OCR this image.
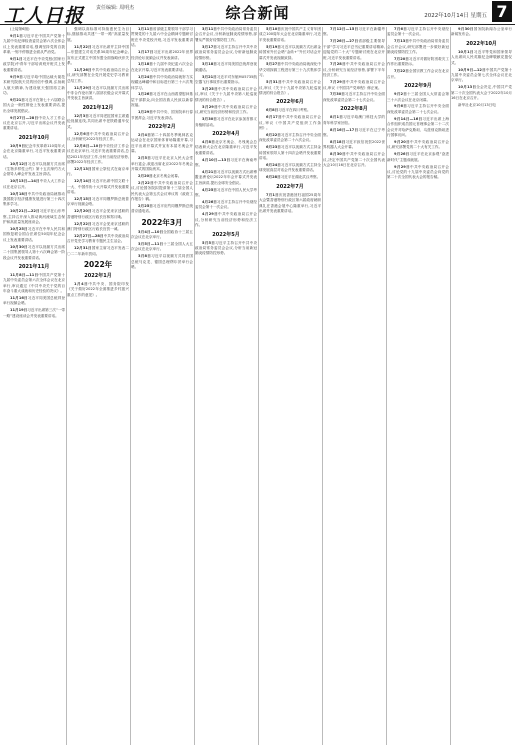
工人日报 责任编辑: 周明杰	综合新闻	2022年10月14日 星期五 7

(上接第6版)

9月1日习近平在中国共产党第十九届中央纪律检查委员会第六次全体会议上发表重要讲话,强调坚持党的自我革命,一刻不停推进全面从严治党。

9月1日习近平在中央党校(国家行政学院)中青年干部培训班开班式上发表重要讲话。

9月9日习近平给中国运载火箭技术研究院航天员的回信中强调,弘扬载人航天精神,为建设航天强国再立新功。

9月21日习近平在第七十六届联合国大会一般性辩论上发表重要讲话,提出全球发展倡议。

9月27日—28日中央人才工作会议在北京召开,习近平出席会议并发表重要讲话。

2021年10月

10月9日纪念辛亥革命110周年大会在北京隆重举行,习近平发表重要讲话。

10月12日习近平以视频方式出席《生物多样性公约》第十五次缔约方大会领导人峰会并发表主旨讲话。

10月13日—14日中央人大工作会议在北京召开。

10月18日中共中央政治局就推动我国数字经济健康发展进行第三十四次集体学习。

10月21日—22日习近平在山东考察,主持召开深入推动黄河流域生态保护和高质量发展座谈会。

10月25日习近平在中华人民共和国恢复联合国合法席位50周年纪念会议上发表重要讲话。

10月30日习近平以视频方式出席二十国集团领导人第十六次峰会第一阶段会议并发表重要讲话。

2021年11月

11月8日—11日中国共产党第十九届中央委员会第六次全体会议在北京举行,审议通过《中共中央关于党的百年奋斗重大成就和历史经验的决议》。

11月16日习近平同美国总统拜登举行视频会晤。

11月19日习近平出席第三次“一带一路”建设座谈会并发表重要讲话。

强调以高标准可持续惠民生为目标,继续推动共建“一带一路”高质量发展。

11月22日习近平出席并主持中国—东盟建立对话关系30周年纪念峰会,宣布正式建立中国东盟全面战略伙伴关系。

11月26日中共中央政治局召开会议,研究部署在全党开展党史学习教育总结工作。

11月29日习近平以视频方式出席中非合作论坛第八届部长级会议开幕式并发表主旨演讲。

2021年12月

12月3日习近平同老挝国家主席通伦视频连线,共同出席中老铁路通车仪式。

12月6日中共中央政治局召开会议,分析研究2022年经济工作。

12月8日—10日中央经济工作会议在北京举行,习近平发表重要讲话,总结2021年经济工作,分析当前经济形势,部署2022年经济工作。

12月13日国家公祭仪式在南京举行。

12月14日习近平出席中国文联十一大、中国作协十大开幕式并发表重要讲话。

12月15日习近平同俄罗斯总统普京举行视频会晤。

12月20日习近平会见来京述职的香港特别行政区行政长官林郑月娥。

12月22日习近平会见来京述职的澳门特别行政区行政长官贺一诚。

12月27日—28日中共中央政治局召开党史学习教育专题民主生活会。

12月31日国家主席习近平发表二〇二二年新年贺词。

2022年
2022年1月

1月4日中共中央、国务院印发《关于做好2022年全面推进乡村振兴重点工作的意见》。

1月11日省部级主要领导干部学习贯彻党的十九届六中全会精神专题研讨班在中央党校开班,习近平发表重要讲话。

1月17日习近平出席2022年世界经济论坛视频会议并发表演讲。

1月18日十九届中央纪委六次全会在北京开幕,习近平发表重要讲话。

1月24日中共中央政治局就努力实现碳达峰碳中和目标进行第三十六次集体学习。

1月26日习近平在山西看望慰问基层干部群众,向全国各族人民致以新春祝福。

1月29日中共中央、国务院举行春节团拜会,习近平发表讲话。

2022年2月

2月4日第二十四届冬季奥林匹克运动会在北京国家体育场隆重开幕,习近平出席开幕式并宣布本届冬奥会开幕。

2月5日习近平在北京人民大会堂举行宴会,欢迎出席北京2022年冬奥会开幕式的国际贵宾。

2月20日北京冬奥会闭幕。

2月22日中共中央政治局召开会议,讨论国务院拟提请第十三届全国人民代表大会第五次会议审议的《政府工作报告》稿。

2月25日习近平应约同俄罗斯总统普京通电话。

2022年3月

3月4日—10日全国政协十三届五次会议在北京举行。

3月5日—11日十三届全国人大五次会议在北京举行。

3月8日习近平以视频方式同法国总统马克龙、德国总理朔尔茨举行会晤。

3月11日中共中央政治局常务委员会召开会议,分析新冠肺炎疫情形势,部署从严抓好疫情防控工作。

3月17日习近平主持召开中共中央政治局常务委员会会议,分析新冠肺炎疫情形势。

3月18日习近平同美国总统拜登视频通话。

3月21日习近平对东航MU5735航空器飞行事故作出重要指示。

3月25日中共中央政治局召开会议,审议《关于十九届中央第八轮巡视情况的综合报告》。

3月29日中共中央政治局召开会议,研究当前经济形势和经济工作。

3月30日习近平在北京参加首都义务植树活动。

2022年4月

4月8日北京冬奥会、冬残奥会总结表彰大会在北京隆重举行,习近平发表重要讲话。

4月10日—13日习近平在海南考察。

4月21日习近平以视频方式出席博鳌亚洲论坛2022年年会开幕式并发表主旨演讲,提出全球安全倡议。

4月25日习近平在中国人民大学考察。

4月26日习近平主持召开中央财经委员会第十一次会议。

4月29日中共中央政治局召开会议,分析研究当前经济形势和经济工作。

2022年5月

5月5日习近平主持召开中共中央政治局常务委员会会议,分析当前新冠肺炎疫情防控形势。

5月10日庆祝中国共产主义青年团成立100周年大会在北京隆重举行,习近平发表重要讲话。

5月19日习近平以视频方式出席金砖国家外长会晤“金砖+”外长对话会开幕式并发表视频致辞。

5月27日中共中央政治局就深化中华文明探源工程进行第三十九次集体学习。

5月31日中共中央政治局召开会议,审议《关于十九届中央第九轮巡视情况的综合报告》。

2022年6月

6月8日习近平在四川考察。

6月17日中共中央政治局召开会议,审议《中国共产党组织工作条例》。

6月22日习近平主持召开中央全面深化改革委员会第二十六次会议。

6月23日习近平以视频方式主持金砖国家领导人第十四次会晤并发表重要讲话。

6月24日习近平以视频方式主持全球发展高层对话会并发表重要讲话。

6月28日习近平在湖北武汉考察。

2022年7月

7月1日庆祝香港回归祖国25周年大会暨香港特别行政区第六届政府就职典礼在香港会展中心隆重举行,习近平出席并发表重要讲话。

7月12日—15日习近平在新疆考察。

7月26日—27日省部级主要领导干部“学习习近平总书记重要讲话精神,迎接党的二十大”专题研讨班在北京开班,习近平发表重要讲话。

7月28日中共中央政治局召开会议,分析研究当前经济形势,部署下半年经济工作。

7月29日中共中央政治局召开会议,审议《中国共产党章程》修正案。

7月30日习近平主持召开中央全面深化改革委员会第二十七次会议。

2022年8月

8月1日习近平给澳门科技大学的青年科学家回信。

8月16日—17日习近平在辽宁考察。

8月18日习近平致信祝贺2022世界机器人大会开幕。

8月30日中共中央政治局召开会议,决定中国共产党第二十次全国代表大会10月16日在北京召开。

7月6日习近平主持召开中央财经委员会第十一次会议。

7月13日中共中央政治局常务委员会召开会议,研究部署进一步做好新冠肺炎疫情防控工作。

7月20日习近平对做好防汛救灾工作作出重要指示。

7月22日全国宗教工作会议在北京召开。

2022年9月

9月2日十三届全国人大常委会第三十六次会议在北京闭幕。

9月6日习近平主持召开中央全面深化改革委员会第二十七次会议。

9月14日—16日习近平出席上海合作组织成员国元首理事会第二十二次会议并对哈萨克斯坦、乌兹别克斯坦进行国事访问。

9月20日中共中央政治局召开会议,研究部署党的二十大有关工作。

9月26日习近平在北京参观“奋进新时代”主题成就展。

9月29日中共中央政治局召开会议,讨论党的十九届中央委员会向党的第二十次全国代表大会的报告稿。

9月30日国务院新闻办公室举行新闻发布会。

2022年10月

10月1日习近平等党和国家领导人出席向人民英雄纪念碑敬献花篮仪式。

10月9日—12日中国共产党第十九届中央委员会第七次全体会议在北京举行。

10月13日全会决定,中国共产党第二十次全国代表大会于2022年10月16日在北京召开。

新华社北京10月13日电
